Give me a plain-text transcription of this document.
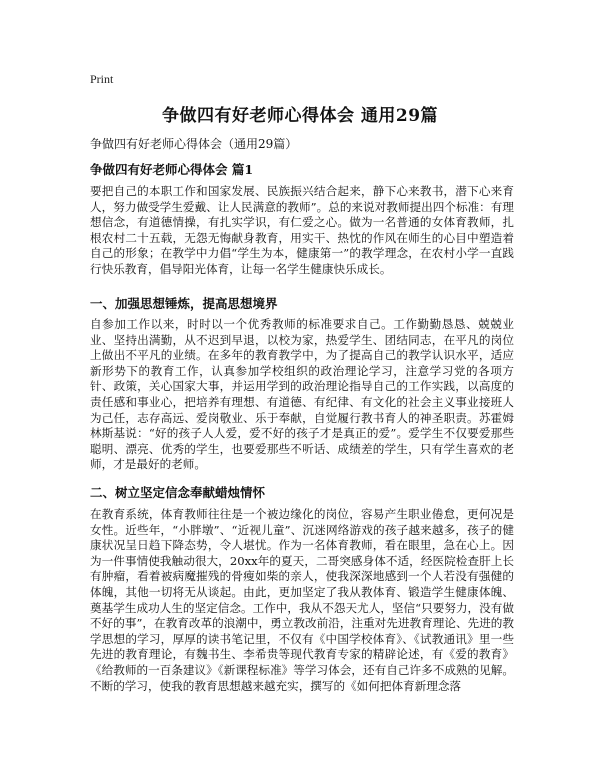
Print
争做四有好老师心得体会 通用29篇
争做四有好老师心得体会（通用29篇）
争做四有好老师心得体会 篇1
要把自己的本职工作和国家发展、民族振兴结合起来，静下心来教书，潜下心来育人，努力做受学生爱戴、让人民满意的教师”。总的来说对教师提出四个标准：有理想信念，有道德情操，有扎实学识，有仁爱之心。做为一名普通的女体育教师，扎根农村二十五载，无怨无悔献身教育，用实干、热忱的作风在师生的心目中塑造着自己的形象；在教学中力倡“学生为本，健康第一”的教学理念，在农村小学一直践行快乐教育，倡导阳光体育，让每一名学生健康快乐成长。
一、加强思想锤炼，提高思想境界
自参加工作以来，时时以一个优秀教师的标准要求自己。工作勤勤恳恳、兢兢业业、坚持出满勤，从不迟到早退，以校为家，热爱学生、团结同志，在平凡的岗位上做出不平凡的业绩。在多年的教育教学中，为了提高自己的教学认识水平，适应新形势下的教育工作，认真参加学校组织的政治理论学习，注意学习党的各项方针、政策，关心国家大事，并运用学到的政治理论指导自己的工作实践，以高度的责任感和事业心，把培养有理想、有道德、有纪律、有文化的社会主义事业接班人为己任，志存高远、爱岗敬业、乐于奉献，自觉履行教书育人的神圣职责。苏霍姆林斯基说：“好的孩子人人爱，爱不好的孩子才是真正的爱”。爱学生不仅要爱那些聪明、漂亮、优秀的学生，也要爱那些不听话、成绩差的学生，只有学生喜欢的老师，才是最好的老师。
二、树立坚定信念奉献蜡烛情怀
在教育系统，体育教师往往是一个被边缘化的岗位，容易产生职业倦怠，更何况是女性。近些年，“小胖墩”、“近视儿童”、沉迷网络游戏的孩子越来越多，孩子的健康状况呈日趋下降态势，令人堪忧。作为一名体育教师，看在眼里，急在心上。因为一件事情使我触动很大，20xx年的夏天，二哥突感身体不适，经医院检查肝上长有肿瘤，看着被病魔摧残的骨瘦如柴的亲人，使我深深地感到一个人若没有强健的体魄，其他一切将无从谈起。由此，更加坚定了我从教体育、锻造学生健康体魄、奠基学生成功人生的坚定信念。工作中，我从不怨天尤人，坚信“只要努力，没有做不好的事”，在教育改革的浪潮中，勇立教改前沿，注重对先进教育理论、先进的教学思想的学习，厚厚的读书笔记里，不仅有《中国学校体育》、《试教通讯》里一些先进的教育理论，有魏书生、李希贵等现代教育专家的精辟论述，有《爱的教育》《给教师的一百条建议》《新课程标准》等学习体会，还有自己许多不成熟的见解。不断的学习，使我的教育思想越来越充实，撰写的《如何把体育新理念落
